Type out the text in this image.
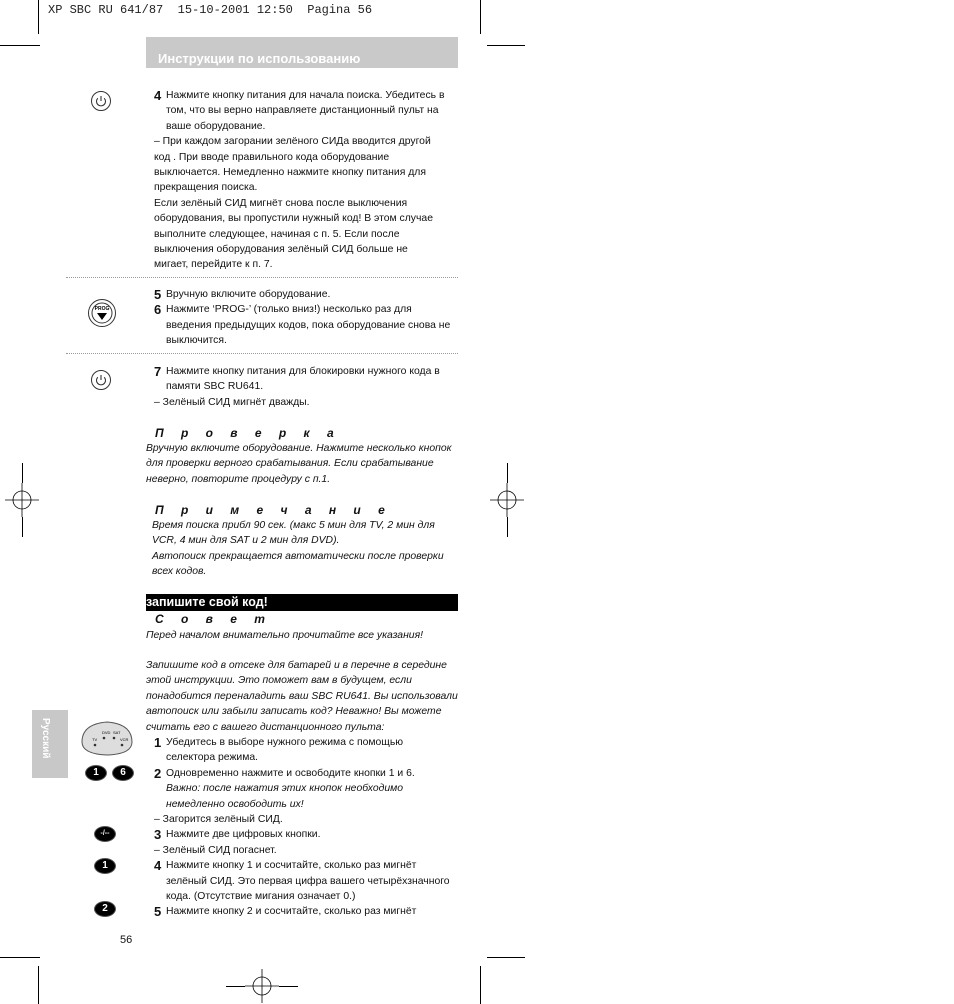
XP SBC RU 641/87  15-10-2001 12:50  Pagina 56
Инструкции по использованию
4 Нажмите кнопку питания для начала поиска. Убедитесь в
том, что вы верно направляете дистанционный пульт на
ваше оборудование.
– При каждом загорании зелёного СИДа вводится другой
код . При вводе правильного кода оборудование
выключается. Немедленно нажмите кнопку питания для
прекращения поиска.
Если зелёный СИД мигнёт снова после выключения
оборудования, вы пропустили нужный код! В этом случае
выполните следующее, начиная с п. 5. Если после
выключения оборудования зелёный СИД больше не
мигает, перейдите к п. 7.
PROG
5 Вручную включите оборудование.
6 Нажмите ‘PROG-’ (только вниз!) несколько раз для
введения предыдущих кодов, пока оборудование снова не
выключится.
7 Нажмите кнопку питания для блокировки нужного кода в
памяти SBC RU641.
– Зелёный СИД мигнёт дважды.
П р о в е р к а
Вручную включите оборудование. Нажмите несколько кнопок
для проверки верного срабатывания. Если срабатывание
неверно, повторите процедуру с п.1.
П р и м е ч а н и е
Время поиска прибл 90 сек. (макс 5 мин для TV, 2 мин для
VCR, 4 мин для SAT и 2 мин для DVD).
Автопоиск прекращается автоматически после проверки
всех кодов.
запишите свой код!
С о в е т
Перед началом внимательно прочитайте все указания!
Запишите код в отсеке для батарей и в перечне в середине
этой инструкции. Это поможет вам в будущем, если
понадобится переналадить ваш SBC RU641. Вы использовали
автопоиск или забыли записать код? Неважно! Вы можете
считать его с вашего дистанционного пульта:
1 Убедитесь в выборе нужного режима с помощью
селектора режима.
2 Одновременно нажмите и освободите кнопки 1 и 6.
Важно: после нажатия этих кнопок необходимо
немедленно освободить их!
– Загорится зелёный СИД.
3 Нажмите две цифровых кнопки.
– Зелёный СИД погаснет.
4 Нажмите кнопку 1 и сосчитайте, сколько раз мигнёт
зелёный СИД. Это первая цифра вашего четырёхзначного
кода. (Отсутствие мигания означает 0.)
5 Нажмите кнопку 2 и сосчитайте, сколько раз мигнёт
Русский	TV
DVD SAT
VCR
1	6
-/--
1
2
56
